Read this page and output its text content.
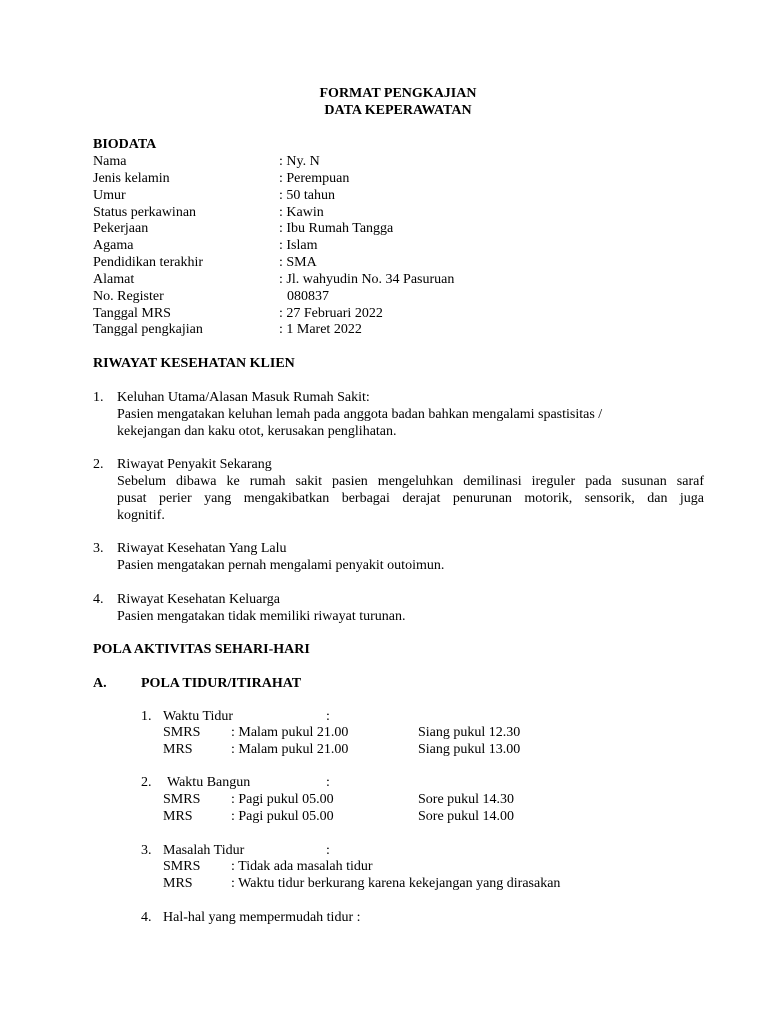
FORMAT PENGKAJIAN
DATA KEPERAWATAN
BIODATA
Nama	: Ny. N
Jenis kelamin	: Perempuan
Umur	: 50 tahun
Status perkawinan	: Kawin
Pekerjaan	: Ibu Rumah Tangga
Agama	: Islam
Pendidikan terakhir	: SMA
Alamat	: Jl. wahyudin No. 34 Pasuruan
No. Register	080837
Tanggal MRS	: 27 Februari 2022
Tanggal pengkajian	: 1 Maret 2022
RIWAYAT KESEHATAN KLIEN
1. Keluhan Utama/Alasan Masuk Rumah Sakit:
Pasien mengatakan keluhan lemah pada anggota badan bahkan mengalami spastisitas /
kekejangan dan kaku otot, kerusakan penglihatan.
2. Riwayat Penyakit Sekarang
Sebelum dibawa ke rumah sakit pasien mengeluhkan demilinasi ireguler pada susunan saraf
pusat perier yang mengakibatkan berbagai derajat penurunan motorik, sensorik, dan juga
kognitif.
3. Riwayat Kesehatan Yang Lalu
Pasien mengatakan pernah mengalami penyakit outoimun.
4. Riwayat Kesehatan Keluarga
Pasien mengatakan tidak memiliki riwayat turunan.
POLA AKTIVITAS SEHARI-HARI
A. POLA TIDUR/ITIRAHAT
1. Waktu Tidur	:
SMRS : Malam pukul 21.00	Siang pukul 12.30
MRS	: Malam pukul 21.00	Siang pukul 13.00
2. Waktu Bangun	:
SMRS : Pagi pukul 05.00	Sore pukul 14.30
MRS	: Pagi pukul 05.00	Sore pukul 14.00
3. Masalah Tidur	:
SMRS : Tidak ada masalah tidur
MRS	: Waktu tidur berkurang karena kekejangan yang dirasakan
4. Hal-hal yang mempermudah tidur :
